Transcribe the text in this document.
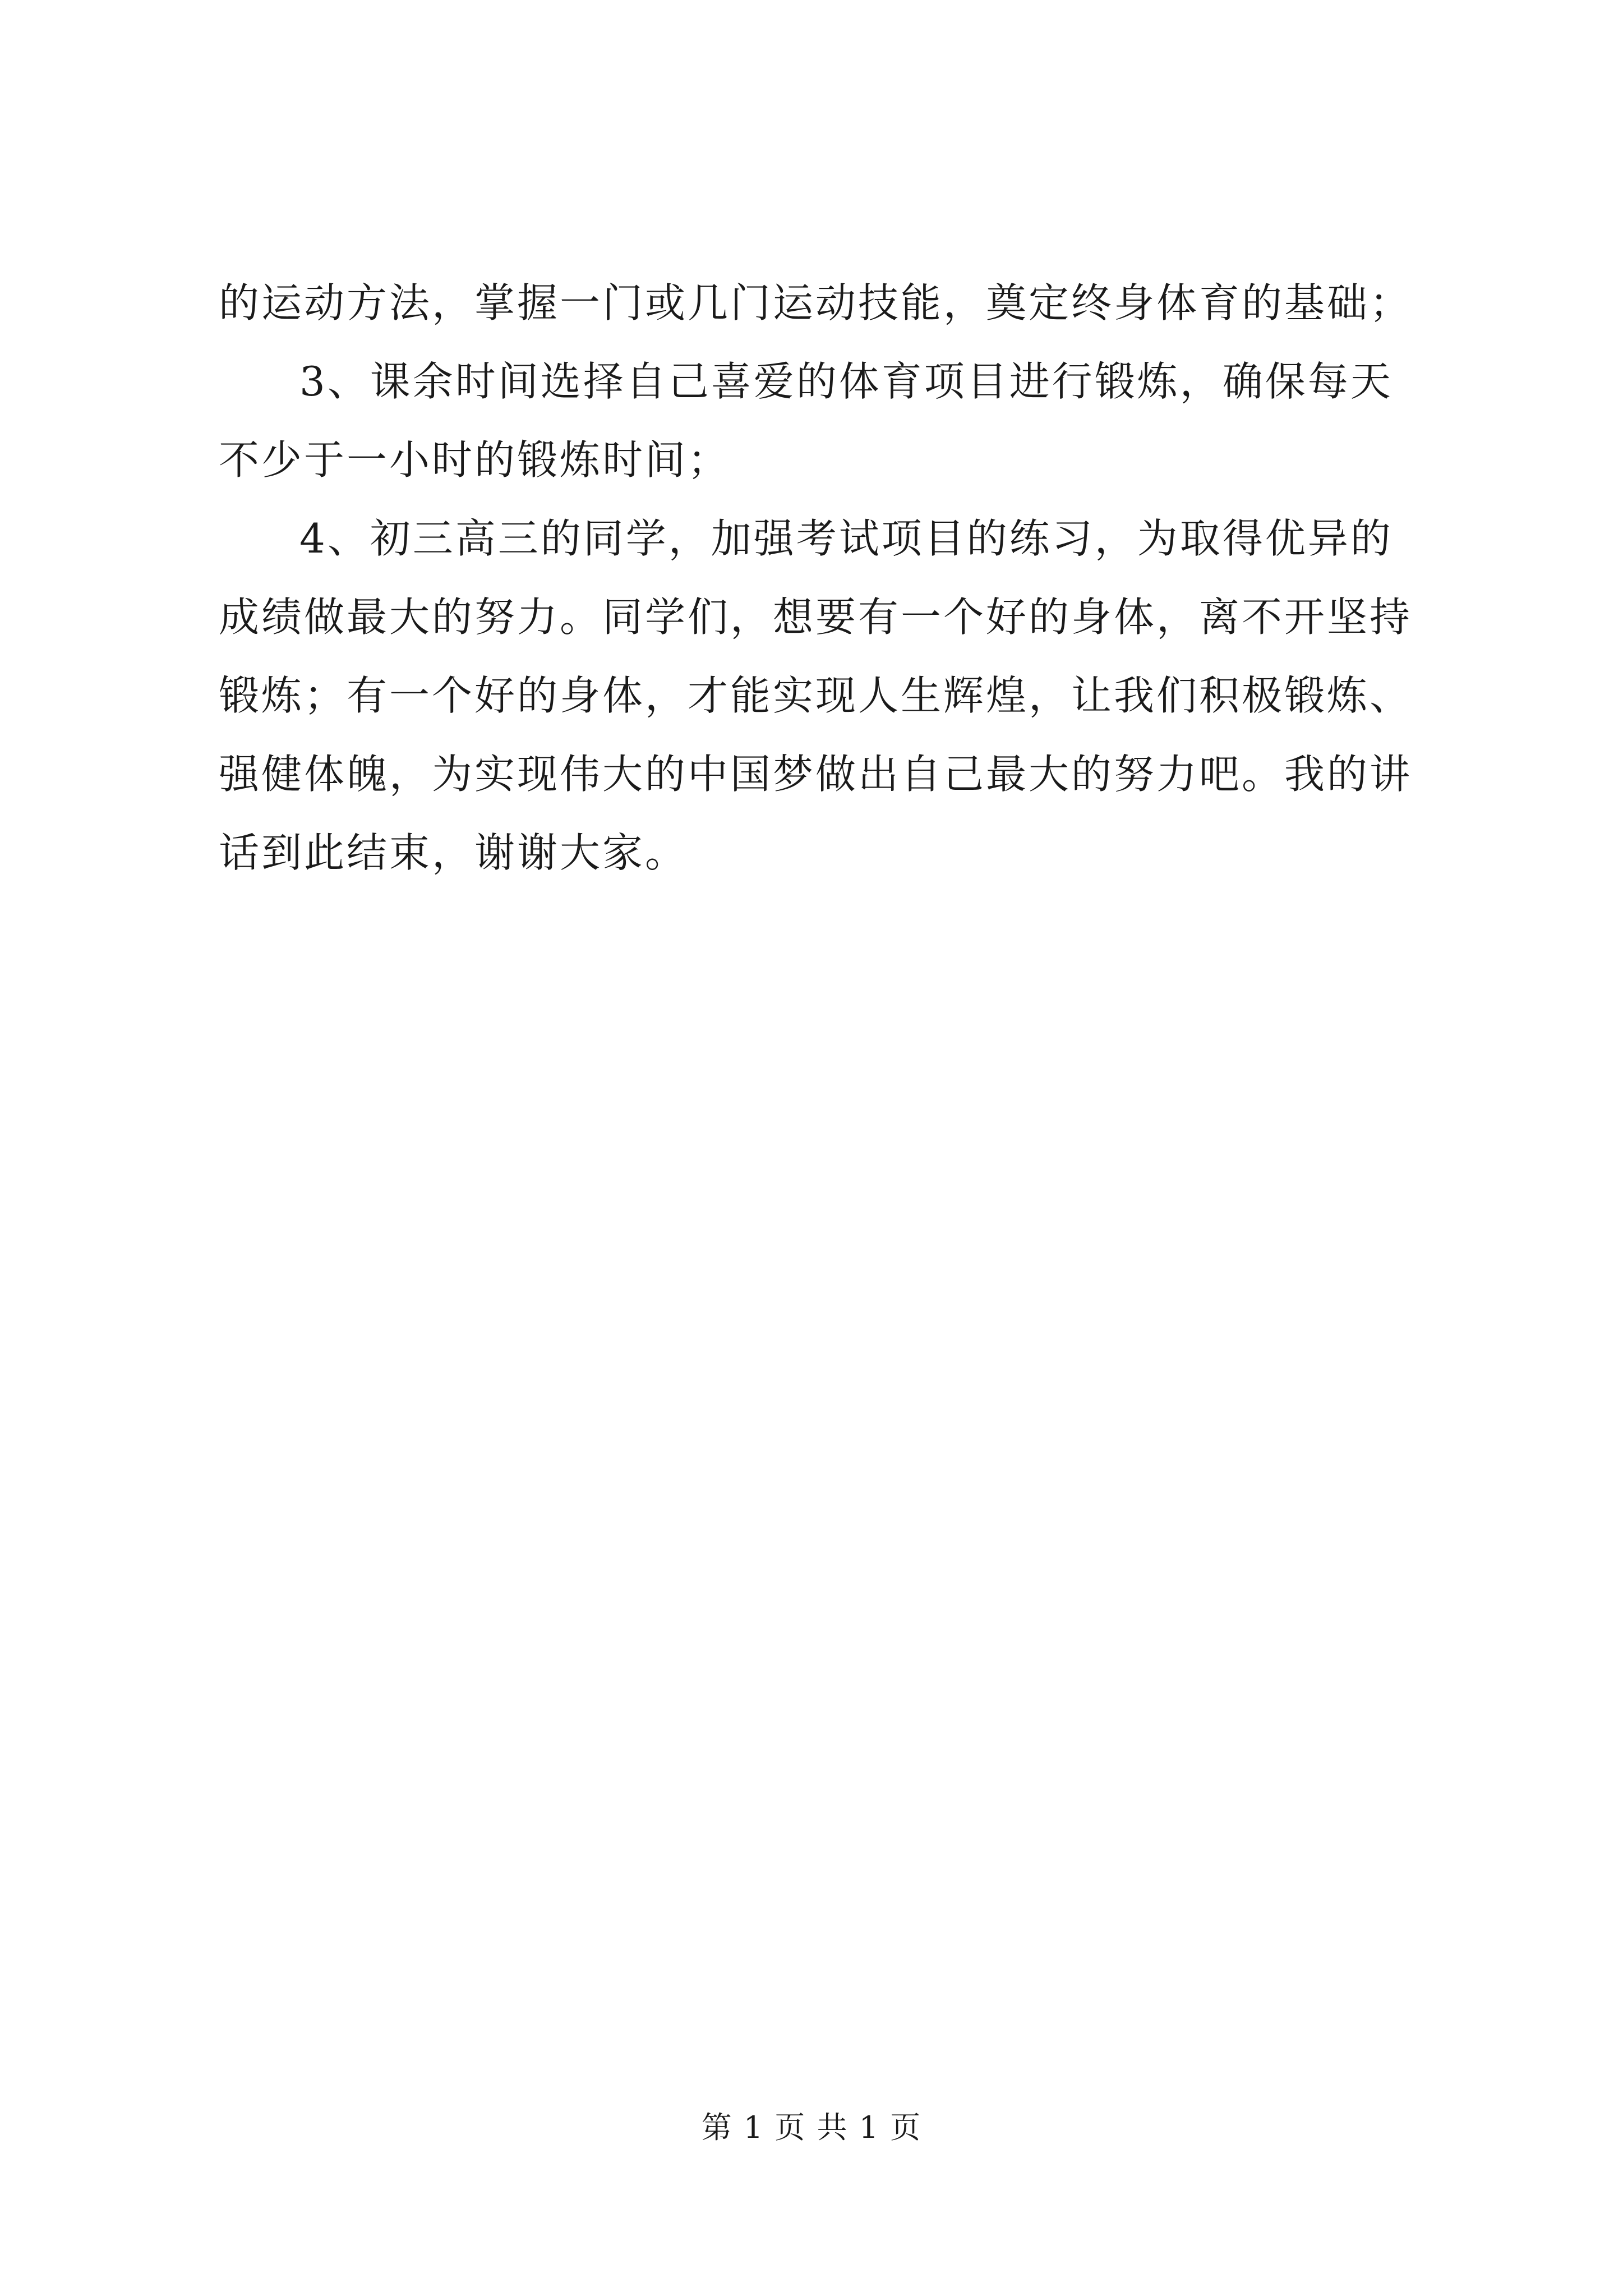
的运动方法，掌握一门或几门运动技能，奠定终身体育的基础；
3、课余时间选择自己喜爱的体育项目进行锻炼，确保每天
不少于一小时的锻炼时间；
4、初三高三的同学，加强考试项目的练习，为取得优异的
成绩做最大的努力。同学们，想要有一个好的身体，离不开坚持
锻炼；有一个好的身体，才能实现人生辉煌，让我们积极锻炼、
强健体魄，为实现伟大的中国梦做出自己最大的努力吧。我的讲
话到此结束，谢谢大家。
第 1 页 共 1 页
